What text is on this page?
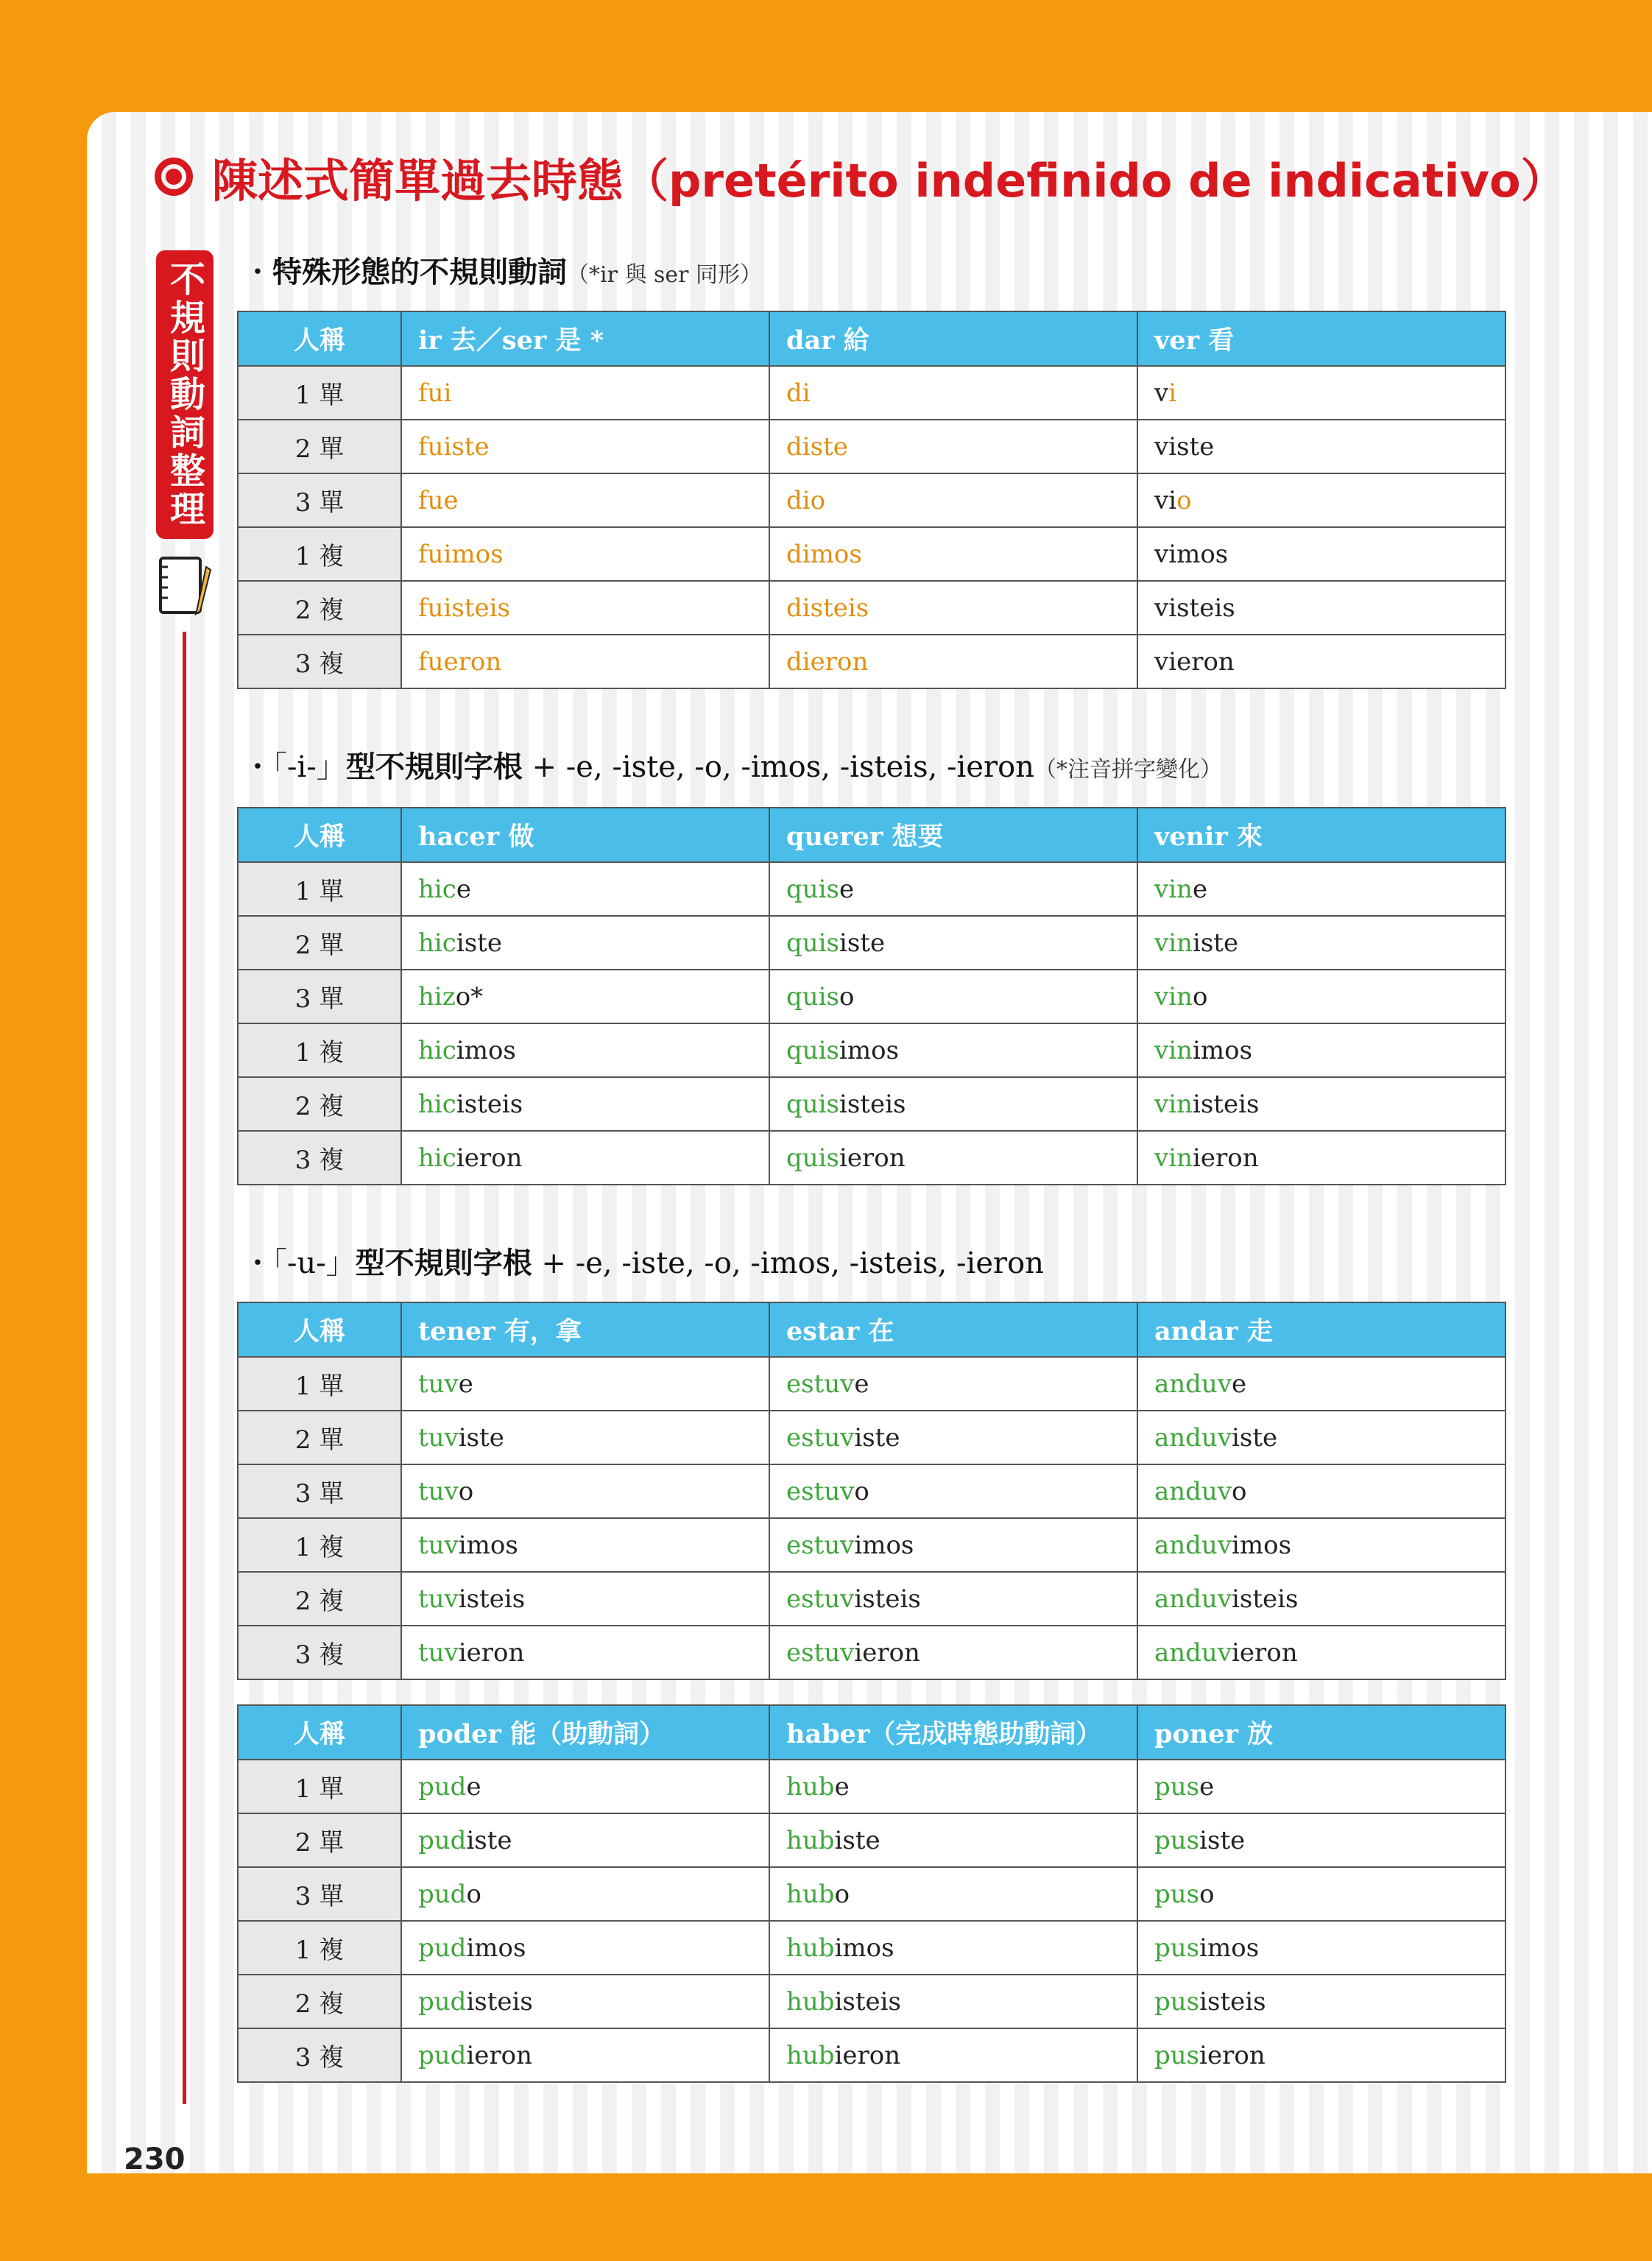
陳述式簡單過去時態（pretérito indefinido de indicativo）
不規則動詞整理 ・特殊形態的不規則動詞（*ir 與 ser 同形）
人稱	ir 去／ser 是 *	dar 給	ver 看
1 單	fui	di	vi
2 單	fuiste	diste	viste
3 單	fue	dio	vio
1 複	fuimos	dimos	vimos
2 複	fuisteis	disteis	visteis
3 複	fueron	dieron	vieron
・「-i-」型不規則字根 + -e, -iste, -o, -imos, -isteis, -ieron（*注音拼字變化）
人稱	hacer 做	querer 想要	venir 來
1 單	hice	quise	vine
2 單	hiciste	quisiste	viniste
3 單	hizo*	quiso	vino
1 複	hicimos	quisimos	vinimos
2 複	hicisteis	quisisteis	vinisteis
3 複	hicieron	quisieron	vinieron
・「-u-」型不規則字根 + -e, -iste, -o, -imos, -isteis, -ieron
人稱	tener 有，拿	estar 在	andar 走
1 單	tuve	estuve	anduve
2 單	tuviste	estuviste	anduviste
3 單	tuvo	estuvo	anduvo
1 複	tuvimos	estuvimos	anduvimos
2 複	tuvisteis	estuvisteis	anduvisteis
3 複	tuvieron	estuvieron	anduvieron
人稱	poder 能（助動詞）	haber（完成時態助動詞）	poner 放
1 單	pude	hube	puse
2 單	pudiste	hubiste	pusiste
3 單	pudo	hubo	puso
1 複	pudimos	hubimos	pusimos
2 複	pudisteis	hubisteis	pusisteis
3 複	pudieron	hubieron	pusieron
230
